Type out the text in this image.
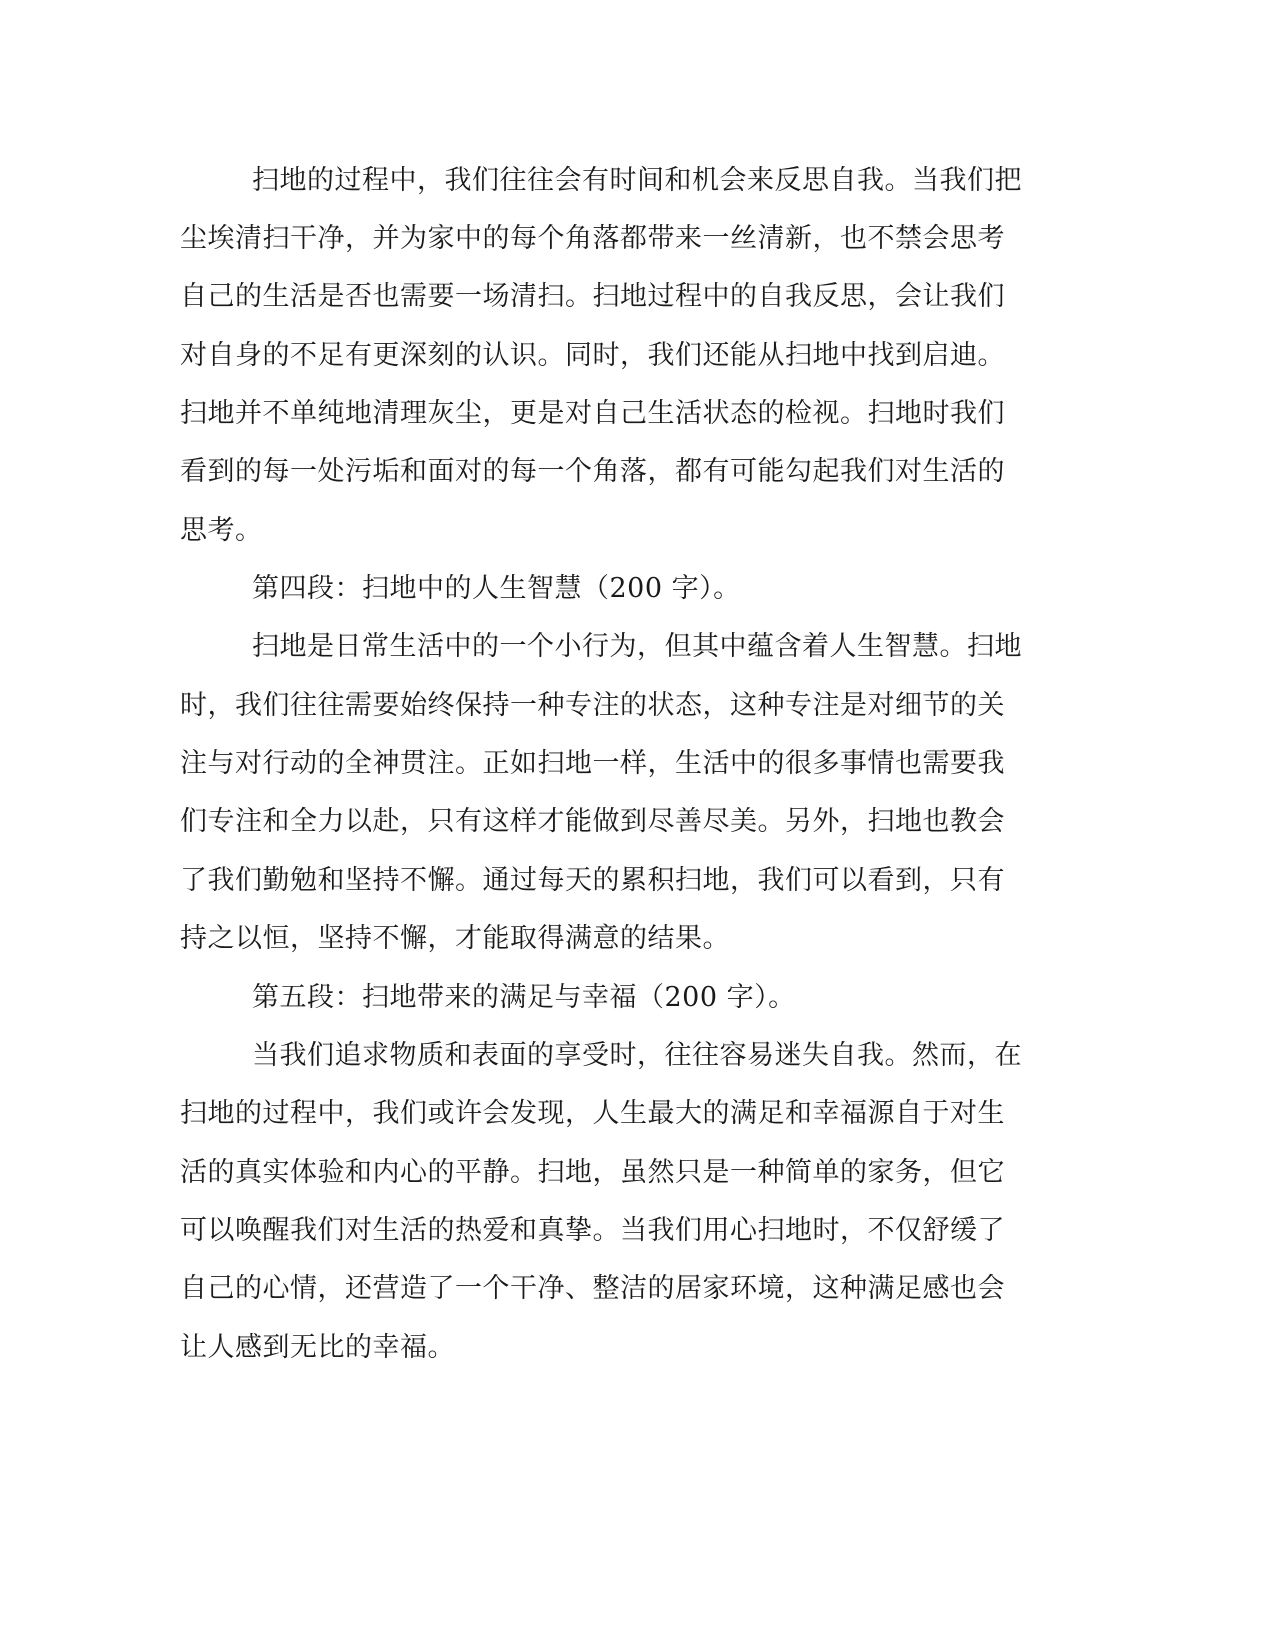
扫地的过程中，我们往往会有时间和机会来反思自我。当我们把
尘埃清扫干净，并为家中的每个角落都带来一丝清新，也不禁会思考
自己的生活是否也需要一场清扫。扫地过程中的自我反思，会让我们
对自身的不足有更深刻的认识。同时，我们还能从扫地中找到启迪。
扫地并不单纯地清理灰尘，更是对自己生活状态的检视。扫地时我们
看到的每一处污垢和面对的每一个角落，都有可能勾起我们对生活的
思考。
第四段：扫地中的人生智慧（200 字）。
扫地是日常生活中的一个小行为，但其中蕴含着人生智慧。扫地
时，我们往往需要始终保持一种专注的状态，这种专注是对细节的关
注与对行动的全神贯注。正如扫地一样，生活中的很多事情也需要我
们专注和全力以赴，只有这样才能做到尽善尽美。另外，扫地也教会
了我们勤勉和坚持不懈。通过每天的累积扫地，我们可以看到，只有
持之以恒，坚持不懈，才能取得满意的结果。
第五段：扫地带来的满足与幸福（200 字）。
当我们追求物质和表面的享受时，往往容易迷失自我。然而，在
扫地的过程中，我们或许会发现，人生最大的满足和幸福源自于对生
活的真实体验和内心的平静。扫地，虽然只是一种简单的家务，但它
可以唤醒我们对生活的热爱和真挚。当我们用心扫地时，不仅舒缓了
自己的心情，还营造了一个干净、整洁的居家环境，这种满足感也会
让人感到无比的幸福。
